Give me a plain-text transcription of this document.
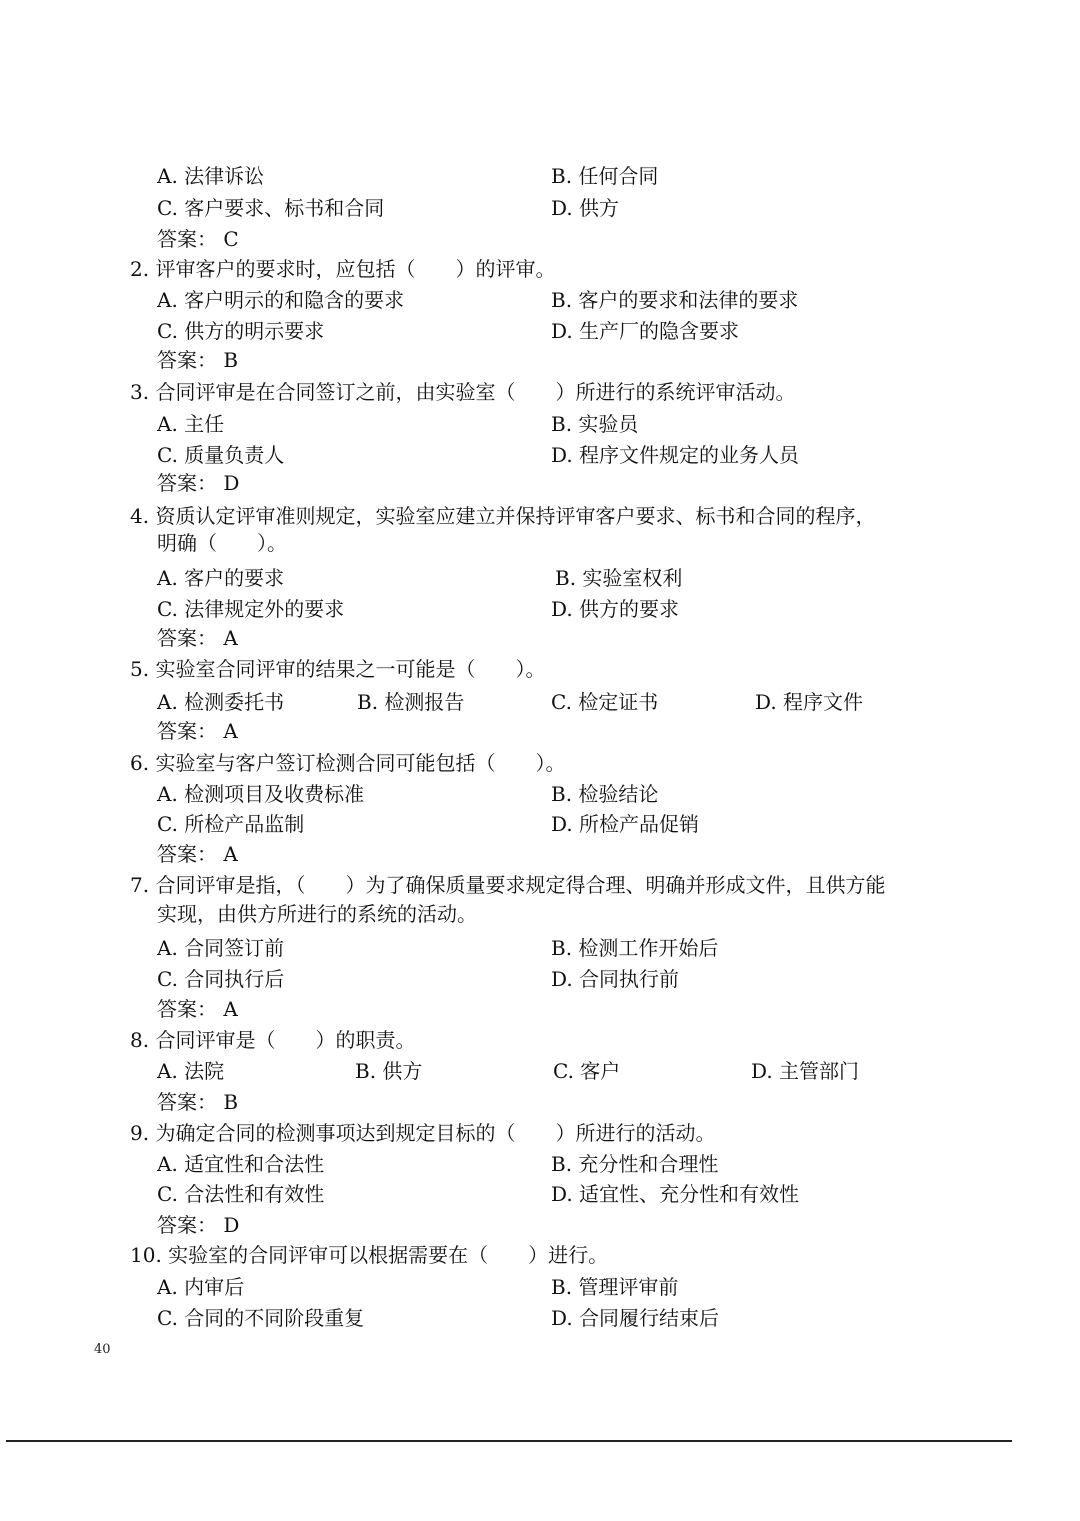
A. 法律诉讼	B. 任何合同
C. 客户要求、标书和合同	D. 供方
答案： C
2. 评审客户的要求时，应包括（　　）的评审。
A. 客户明示的和隐含的要求	B. 客户的要求和法律的要求
C. 供方的明示要求	D. 生产厂的隐含要求
答案： B
3. 合同评审是在合同签订之前，由实验室（　　）所进行的系统评审活动。
A. 主任	B. 实验员
C. 质量负责人	D. 程序文件规定的业务人员
答案： D
4. 资质认定评审准则规定，实验室应建立并保持评审客户要求、标书和合同的程序，
明确（　　）。
A. 客户的要求	B. 实验室权利
C. 法律规定外的要求	D. 供方的要求
答案： A
5. 实验室合同评审的结果之一可能是（　　）。
A. 检测委托书	B. 检测报告	C. 检定证书	D. 程序文件
答案： A
6. 实验室与客户签订检测合同可能包括（　　）。
A. 检测项目及收费标准	B. 检验结论
C. 所检产品监制	D. 所检产品促销
答案： A
7. 合同评审是指，（　　）为了确保质量要求规定得合理、明确并形成文件，且供方能
实现，由供方所进行的系统的活动。
A. 合同签订前	B. 检测工作开始后
C. 合同执行后	D. 合同执行前
答案： A
8. 合同评审是（　　）的职责。
A. 法院	B. 供方	C. 客户	D. 主管部门
答案： B
9. 为确定合同的检测事项达到规定目标的（　　）所进行的活动。
A. 适宜性和合法性	B. 充分性和合理性
C. 合法性和有效性	D. 适宜性、充分性和有效性
答案： D
10. 实验室的合同评审可以根据需要在（　　）进行。
A. 内审后	B. 管理评审前
C. 合同的不同阶段重复	D. 合同履行结束后
40
